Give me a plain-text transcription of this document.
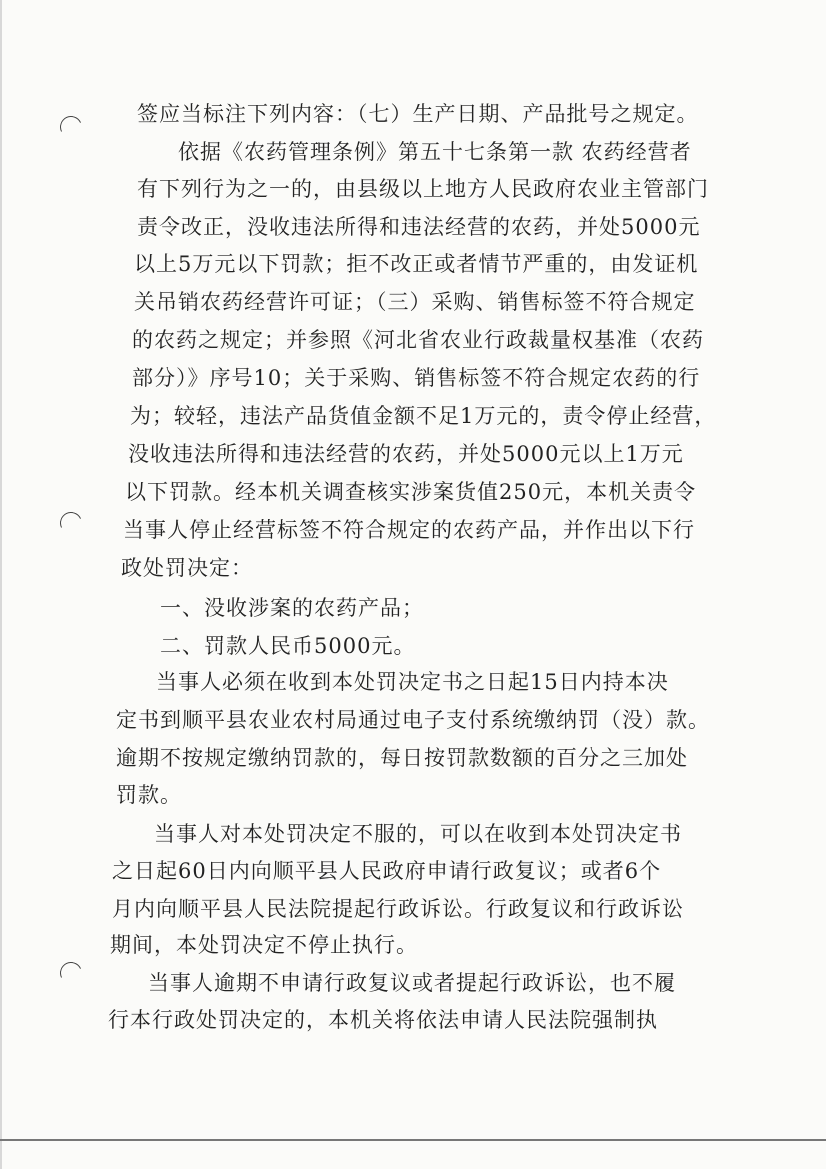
签应当标注下列内容：（七）生产日期、产品批号之规定。
依据《农药管理条例》第五十七条第一款 农药经营者
有下列行为之一的，由县级以上地方人民政府农业主管部门
责令改正，没收违法所得和违法经营的农药，并处5000元
以上5万元以下罚款；拒不改正或者情节严重的，由发证机
关吊销农药经营许可证；（三）采购、销售标签不符合规定
的农药之规定；并参照《河北省农业行政裁量权基准（农药
部分）》序号10；关于采购、销售标签不符合规定农药的行
为；较轻，违法产品货值金额不足1万元的，责令停止经营，
没收违法所得和违法经营的农药，并处5000元以上1万元
以下罚款。经本机关调查核实涉案货值250元，本机关责令
当事人停止经营标签不符合规定的农药产品，并作出以下行
政处罚决定：
一、没收涉案的农药产品；
二、罚款人民币5000元。
当事人必须在收到本处罚决定书之日起15日内持本决
定书到顺平县农业农村局通过电子支付系统缴纳罚（没）款。
逾期不按规定缴纳罚款的，每日按罚款数额的百分之三加处
罚款。
当事人对本处罚决定不服的，可以在收到本处罚决定书
之日起60日内向顺平县人民政府申请行政复议；或者6个
月内向顺平县人民法院提起行政诉讼。行政复议和行政诉讼
期间，本处罚决定不停止执行。
当事人逾期不申请行政复议或者提起行政诉讼，也不履
行本行政处罚决定的，本机关将依法申请人民法院强制执
